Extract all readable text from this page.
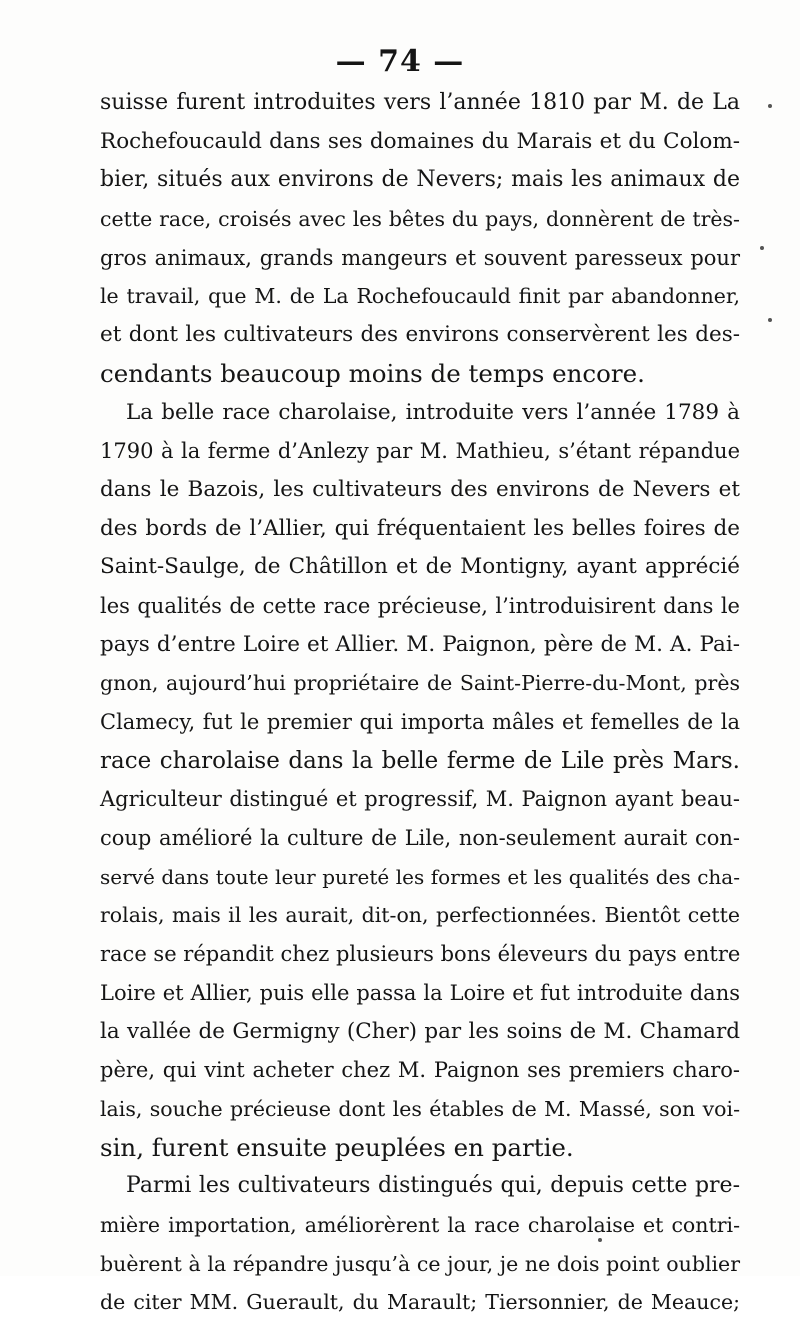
— 74 —
suisse furent introduites vers l’année 1810 par M. de La
Rochefoucauld dans ses domaines du Marais et du Colom-
bier, situés aux environs de Nevers; mais les animaux de
cette race, croisés avec les bêtes du pays, donnèrent de très-
gros animaux, grands mangeurs et souvent paresseux pour
le travail, que M. de La Rochefoucauld finit par abandonner,
et dont les cultivateurs des environs conservèrent les des-
cendants beaucoup moins de temps encore.
La belle race charolaise, introduite vers l’année 1789 à
1790 à la ferme d’Anlezy par M. Mathieu, s’étant répandue
dans le Bazois, les cultivateurs des environs de Nevers et
des bords de l’Allier, qui fréquentaient les belles foires de
Saint-Saulge, de Châtillon et de Montigny, ayant apprécié
les qualités de cette race précieuse, l’introduisirent dans le
pays d’entre Loire et Allier. M. Paignon, père de M. A. Pai-
gnon, aujourd’hui propriétaire de Saint-Pierre-du-Mont, près
Clamecy, fut le premier qui importa mâles et femelles de la
race charolaise dans la belle ferme de Lile près Mars.
Agriculteur distingué et progressif, M. Paignon ayant beau-
coup amélioré la culture de Lile, non-seulement aurait con-
servé dans toute leur pureté les formes et les qualités des cha-
rolais, mais il les aurait, dit-on, perfectionnées. Bientôt cette
race se répandit chez plusieurs bons éleveurs du pays entre
Loire et Allier, puis elle passa la Loire et fut introduite dans
la vallée de Germigny (Cher) par les soins de M. Chamard
père, qui vint acheter chez M. Paignon ses premiers charo-
lais, souche précieuse dont les étables de M. Massé, son voi-
sin, furent ensuite peuplées en partie.
Parmi les cultivateurs distingués qui, depuis cette pre-
mière importation, améliorèrent la race charolaise et contri-
buèrent à la répandre jusqu’à ce jour, je ne dois point oublier
de citer MM. Guerault, du Marault; Tiersonnier, de Meauce;
